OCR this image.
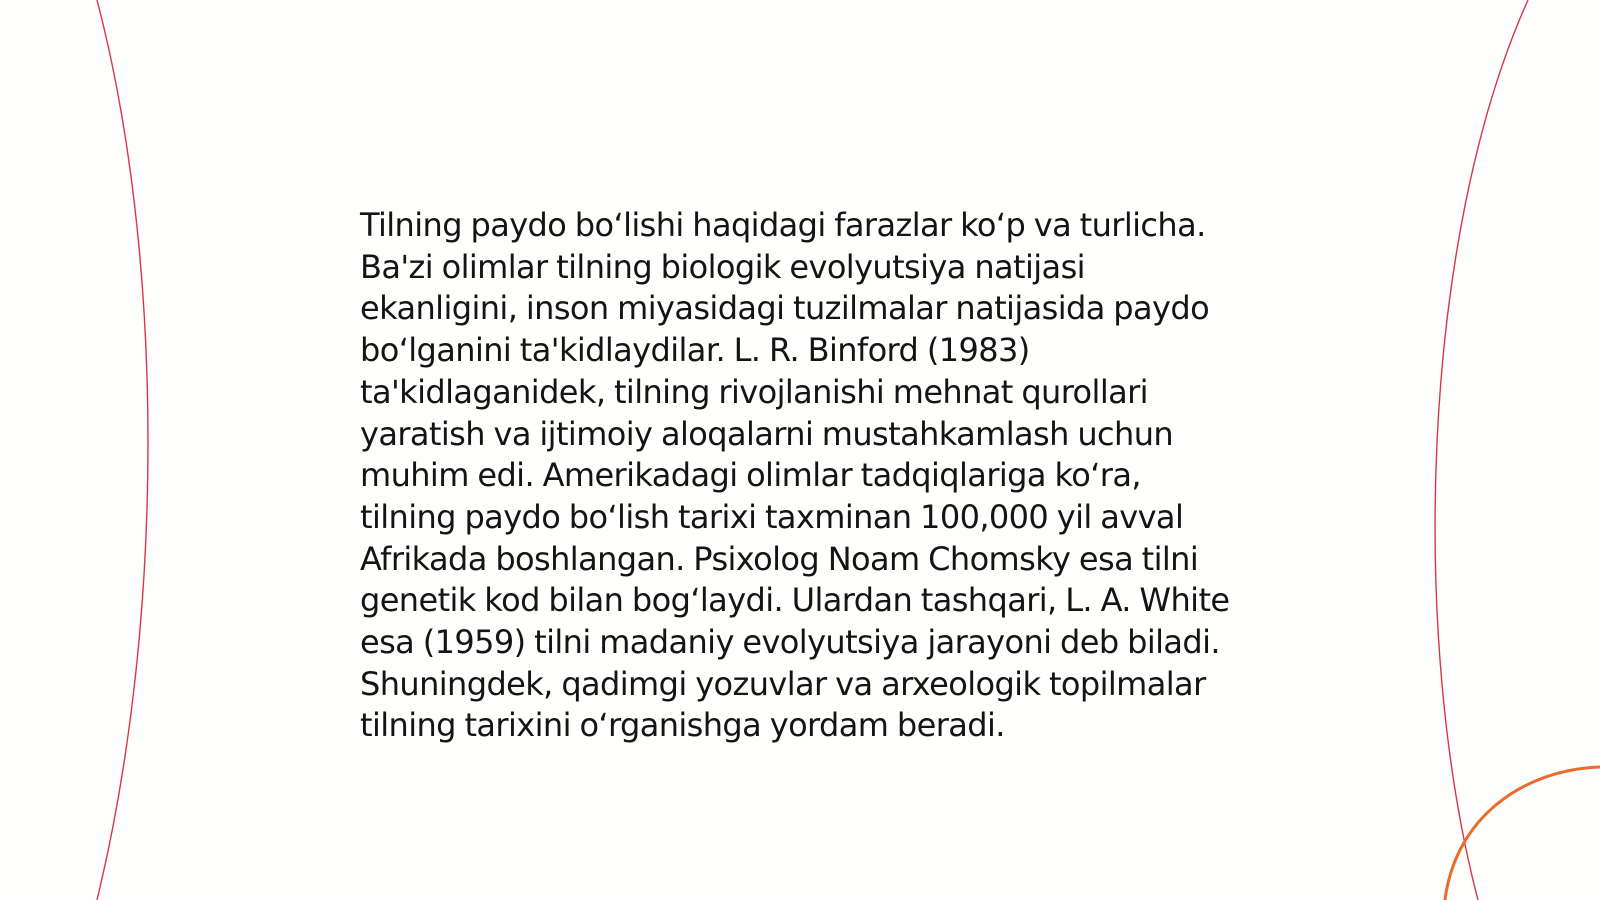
Tilning paydo bo‘lishi haqidagi farazlar ko‘p va turlicha. Ba'zi olimlar tilning biologik evolyutsiya natijasi ekanligini, inson miyasidagi tuzilmalar natijasida paydo bo‘lganini ta'kidlaydilar. L. R. Binford (1983) ta'kidlaganidek, tilning rivojlanishi mehnat qurollari yaratish va ijtimoiy aloqalarni mustahkamlash uchun muhim edi. Amerikadagi olimlar tadqiqlariga ko‘ra, tilning paydo bo‘lish tarixi taxminan 100,000 yil avval Afrikada boshlangan. Psixolog Noam Chomsky esa tilni genetik kod bilan bog‘laydi. Ulardan tashqari, L. A. White esa (1959) tilni madaniy evolyutsiya jarayoni deb biladi. Shuningdek, qadimgi yozuvlar va arxeologik topilmalar tilning tarixini o‘rganishga yordam beradi.
